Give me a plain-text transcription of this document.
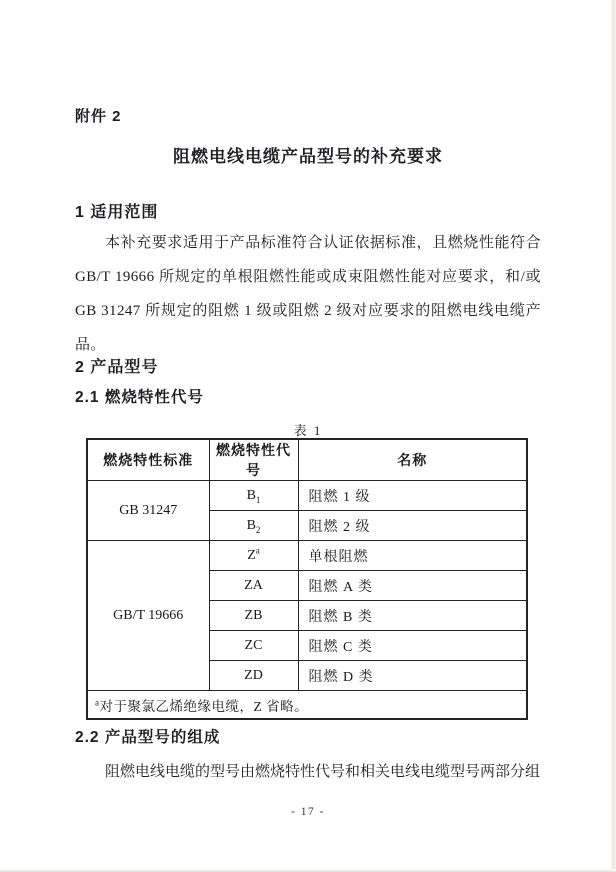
附件 2
阻燃电线电缆产品型号的补充要求
1 适用范围
本补充要求适用于产品标准符合认证依据标准，且燃烧性能符合 GB/T 19666 所规定的单根阻燃性能或成束阻燃性能对应要求，和/或 GB 31247 所规定的阻燃 1 级或阻燃 2 级对应要求的阻燃电线电缆产品。
2 产品型号
2.1 燃烧特性代号
表 1
燃烧特性标准	燃烧特性代号	名称
GB 31247	$B_1$	阻燃 1 级
	$B_2$	阻燃 2 级
GB/T 19666	$Z^a$	单根阻燃
	ZA	阻燃 A 类
	ZB	阻燃 B 类
	ZC	阻燃 C 类
	ZD	阻燃 D 类
$^a$对于聚氯乙烯绝缘电缆，Z 省略。		
2.2 产品型号的组成
阻燃电线电缆的型号由燃烧特性代号和相关电线电缆型号两部分组
- 17 -
